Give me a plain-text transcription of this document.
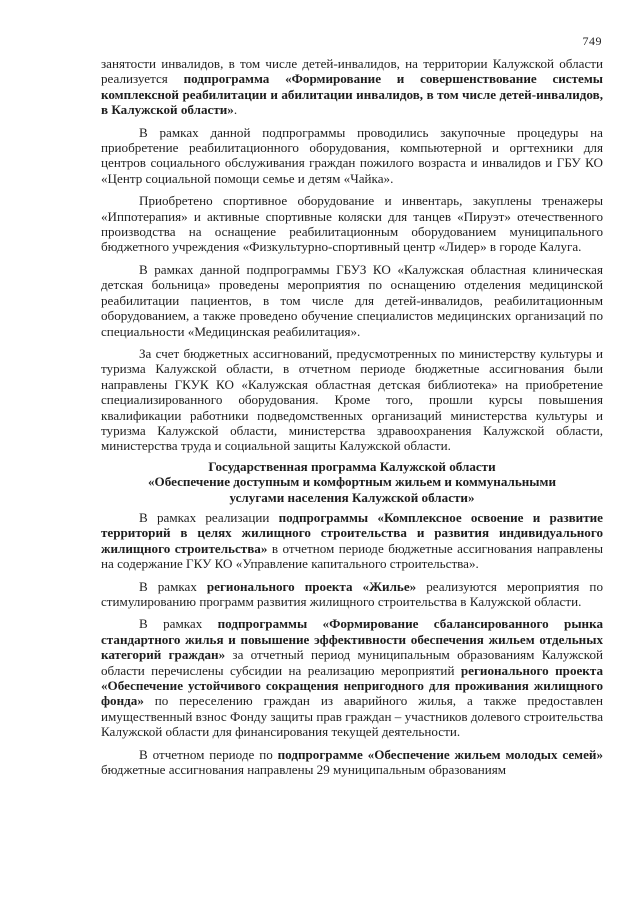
749

занятости инвалидов, в том числе детей-инвалидов, на территории Калужской области реализуется подпрограмма «Формирование и совершенствование системы комплексной реабилитации и абилитации инвалидов, в том числе детей-инвалидов, в Калужской области».

В рамках данной подпрограммы проводились закупочные процедуры на приобретение реабилитационного оборудования, компьютерной и оргтехники для центров социального обслуживания граждан пожилого возраста и инвалидов и ГБУ КО «Центр социальной помощи семье и детям «Чайка».

Приобретено спортивное оборудование и инвентарь, закуплены тренажеры «Иппотерапия» и активные спортивные коляски для танцев «Пируэт» отечественного производства на оснащение реабилитационным оборудованием муниципального бюджетного учреждения «Физкультурно-спортивный центр «Лидер» в городе Калуга.

В рамках данной подпрограммы ГБУЗ КО «Калужская областная клиническая детская больница» проведены мероприятия по оснащению отделения медицинской реабилитации пациентов, в том числе для детей-инвалидов, реабилитационным оборудованием, а также проведено обучение специалистов медицинских организаций по специальности «Медицинская реабилитация».

За счет бюджетных ассигнований, предусмотренных по министерству культуры и туризма Калужской области, в отчетном периоде бюджетные ассигнования были направлены ГКУК КО «Калужская областная детская библиотека» на приобретение специализированного оборудования. Кроме того, прошли курсы повышения квалификации работники подведомственных организаций министерства культуры и туризма Калужской области, министерства здравоохранения Калужской области, министерства труда и социальной защиты Калужской области.

Государственная программа Калужской области
«Обеспечение доступным и комфортным жильем и коммунальными
услугами населения Калужской области»

В рамках реализации подпрограммы «Комплексное освоение и развитие территорий в целях жилищного строительства и развития индивидуального жилищного строительства» в отчетном периоде бюджетные ассигнования направлены на содержание ГКУ КО «Управление капитального строительства».

В рамках регионального проекта «Жилье» реализуются мероприятия по стимулированию программ развития жилищного строительства в Калужской области.

В рамках подпрограммы «Формирование сбалансированного рынка стандартного жилья и повышение эффективности обеспечения жильем отдельных категорий граждан» за отчетный период муниципальным образованиям Калужской области перечислены субсидии на реализацию мероприятий регионального проекта «Обеспечение устойчивого сокращения непригодного для проживания жилищного фонда» по переселению граждан из аварийного жилья, а также предоставлен имущественный взнос Фонду защиты прав граждан – участников долевого строительства Калужской области для финансирования текущей деятельности.

В отчетном периоде по подпрограмме «Обеспечение жильем молодых семей» бюджетные ассигнования направлены 29 муниципальным образованиям
